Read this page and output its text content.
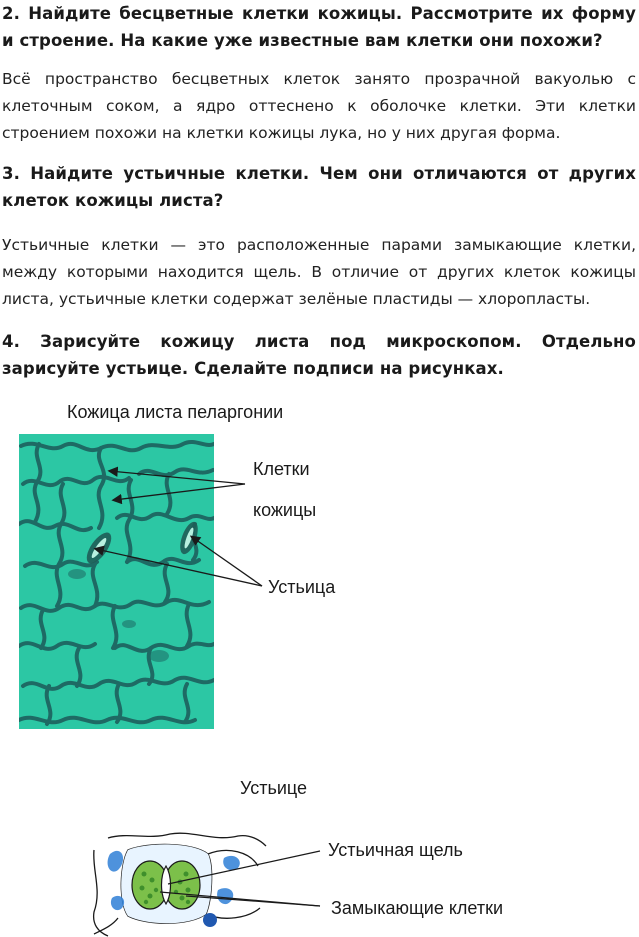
2. Найдите бесцветные клетки кожицы. Рассмотрите их форму и строение. На какие уже известные вам клетки они похожи?
Всё пространство бесцветных клеток занято прозрачной вакуолью с клеточным соком, а ядро оттеснено к оболочке клетки. Эти клетки строением похожи на клетки кожицы лука, но у них другая форма.
3. Найдите устьичные клетки. Чем они отличаются от других клеток кожицы листа?
Устьичные клетки — это расположенные парами замыкающие клетки, между которыми находится щель. В отличие от других клеток кожицы листа, устьичные клетки содержат зелёные пластиды — хлоропласты.
4. Зарисуйте кожицу листа под микроскопом. Отдельно зарисуйте устьице. Сделайте подписи на рисунках.
Кожица листа пеларгонии
Клетки
кожицы
Устьица
Устьице
Устьичная щель
Замыкающие клетки
